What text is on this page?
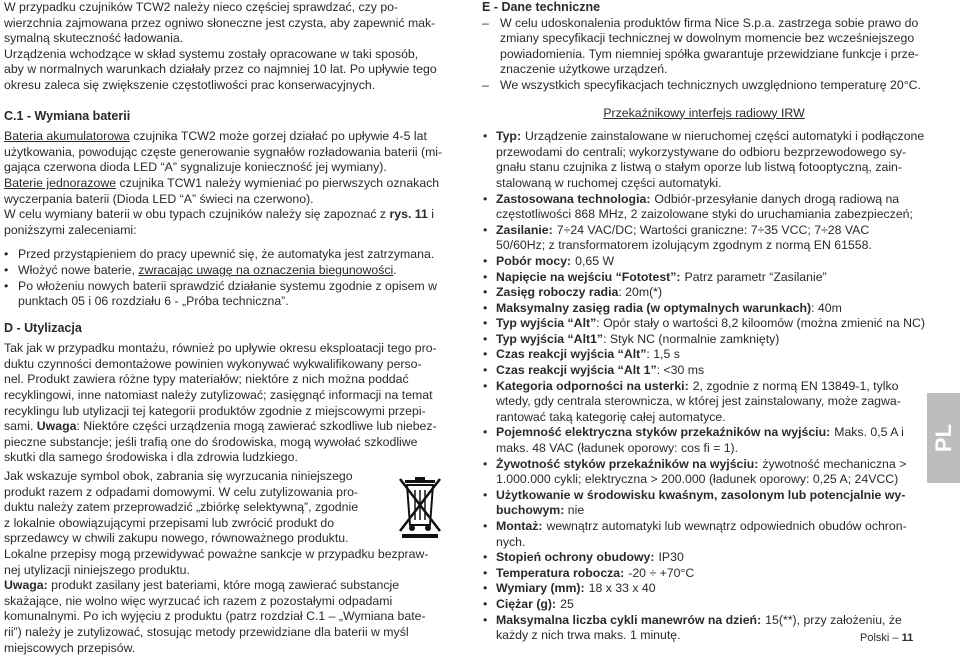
W przypadku czujników TCW2 należy nieco częściej sprawdzać, czy po-

wierzchnia zajmowana przez ogniwo słoneczne jest czysta, aby zapewnić mak-

symalną skuteczność ładowania.

Urządzenia wchodzące w skład systemu zostały opracowane w taki sposób,

aby w normalnych warunkach działały przez co najmniej 10 lat. Po upływie tego

okresu zaleca się zwiększenie częstotliwości prac konserwacyjnych.

C.1 - Wymiana baterii

Bateria akumulatorowa czujnika TCW2 może gorzej działać po upływie 4-5 lat

użytkowania, powodując częste generowanie sygnałów rozładowania baterii (mi-

gająca czerwona dioda LED “A” sygnalizuje konieczność jej wymiany).

Baterie jednorazowe czujnika TCW1 należy wymieniać po pierwszych oznakach

wyczerpania baterii (Dioda LED “A” świeci na czerwono).

W celu wymiany baterii w obu typach czujników należy się zapoznać z rys. 11 i

poniższymi zaleceniami:

• Przed przystąpieniem do pracy upewnić się, że automatyka jest zatrzymana.

• Włożyć nowe baterie, zwracając uwagę na oznaczenia biegunowości.

• Po włożeniu nowych baterii sprawdzić działanie systemu zgodnie z opisem w

punktach 05 i 06 rozdziału 6 - „Próba techniczna”.

D - Utylizacja

Tak jak w przypadku montażu, również po upływie okresu eksploatacji tego pro-

duktu czynności demontażowe powinien wykonywać wykwalifikowany perso-

nel. Produkt zawiera różne typy materiałów; niektóre z nich można poddać

recyklingowi, inne natomiast należy zutylizować; zasięgnąć informacji na temat

recyklingu lub utylizacji tej kategorii produktów zgodnie z miejscowymi przepi-

sami. Uwaga: Niektóre części urządzenia mogą zawierać szkodliwe lub niebez-

pieczne substancje; jeśli trafią one do środowiska, mogą wywołać szkodliwe

skutki dla samego środowiska i dla zdrowia ludzkiego.

Jak wskazuje symbol obok, zabrania się wyrzucania niniejszego

produkt razem z odpadami domowymi. W celu zutylizowania pro-

duktu należy zatem przeprowadzić „zbiórkę selektywną”, zgodnie

z lokalnie obowiązującymi przepisami lub zwrócić produkt do

sprzedawcy w chwili zakupu nowego, równoważnego produktu.

Lokalne przepisy mogą przewidywać poważne sankcje w przypadku bezpraw-

nej utylizacji niniejszego produktu.

Uwaga: produkt zasilany jest bateriami, które mogą zawierać substancje

skażające, nie wolno więc wyrzucać ich razem z pozostałymi odpadami

komunalnymi. Po ich wyjęciu z produktu (patrz rozdział C.1 – „Wymiana bate-

rii”) należy je zutylizować, stosując metody przewidziane dla baterii w myśl

miejscowych przepisów.

E - Dane techniczne

– W celu udoskonalenia produktów firma Nice S.p.a. zastrzega sobie prawo do

zmiany specyfikacji technicznej w dowolnym momencie bez wcześniejszego

powiadomienia. Tym niemniej spółka gwarantuje przewidziane funkcje i prze-

znaczenie użytkowe urządzeń.

– We wszystkich specyfikacjach technicznych uwzględniono temperaturę 20°C.

Przekaźnikowy interfejs radiowy IRW

• Typ: Urządzenie zainstalowane w nieruchomej części automatyki i podłączone

przewodami do centrali; wykorzystywane do odbioru bezprzewodowego sy-

gnału stanu czujnika z listwą o stałym oporze lub listwą fotooptyczną, zain-

stalowaną w ruchomej części automatyki.

• Zastosowana technologia: Odbiór-przesyłanie danych drogą radiową na

częstotliwości 868 MHz, 2 zaizolowane styki do uruchamiania zabezpieczeń;

• Zasilanie: 7÷24 VAC/DC; Wartości graniczne: 7÷35 VCC; 7÷28 VAC

50/60Hz; z transformatorem izolującym zgodnym z normą EN 61558.

• Pobór mocy: 0,65 W

• Napięcie na wejściu “Fototest”: Patrz parametr “Zasilanie”

• Zasięg roboczy radia: 20m(*)

• Maksymalny zasięg radia (w optymalnych warunkach): 40m

• Typ wyjścia “Alt”: Opór stały o wartości 8,2 kiloomów (można zmienić na NC)

• Typ wyjścia “Alt1”: Styk NC (normalnie zamknięty)

• Czas reakcji wyjścia “Alt”: 1,5 s

• Czas reakcji wyjścia “Alt 1”: <30 ms

• Kategoria odporności na usterki: 2, zgodnie z normą EN 13849-1, tylko

wtedy, gdy centrala sterownicza, w której jest zainstalowany, może zagwa-

rantować taką kategorię całej automatyce.

• Pojemność elektryczna styków przekaźników na wyjściu: Maks. 0,5 A i

maks. 48 VAC (ładunek oporowy: cos fi = 1).

• Żywotność styków przekaźników na wyjściu: żywotność mechaniczna >

1.000.000 cykli; elektryczna > 200.000 (ładunek oporowy: 0,25 A; 24VCC)

• Użytkowanie w środowisku kwaśnym, zasolonym lub potencjalnie wy-

buchowym: nie

• Montaż: wewnątrz automatyki lub wewnątrz odpowiednich obudów ochron-

nych.

• Stopień ochrony obudowy: IP30

• Temperatura robocza: -20 ÷ +70°C

• Wymiary (mm): 18 x 33 x 40

• Ciężar (g): 25

• Maksymalna liczba cykli manewrów na dzień: 15(**), przy założeniu, że

każdy z nich trwa maks. 1 minutę.

PL
Polski – 11
